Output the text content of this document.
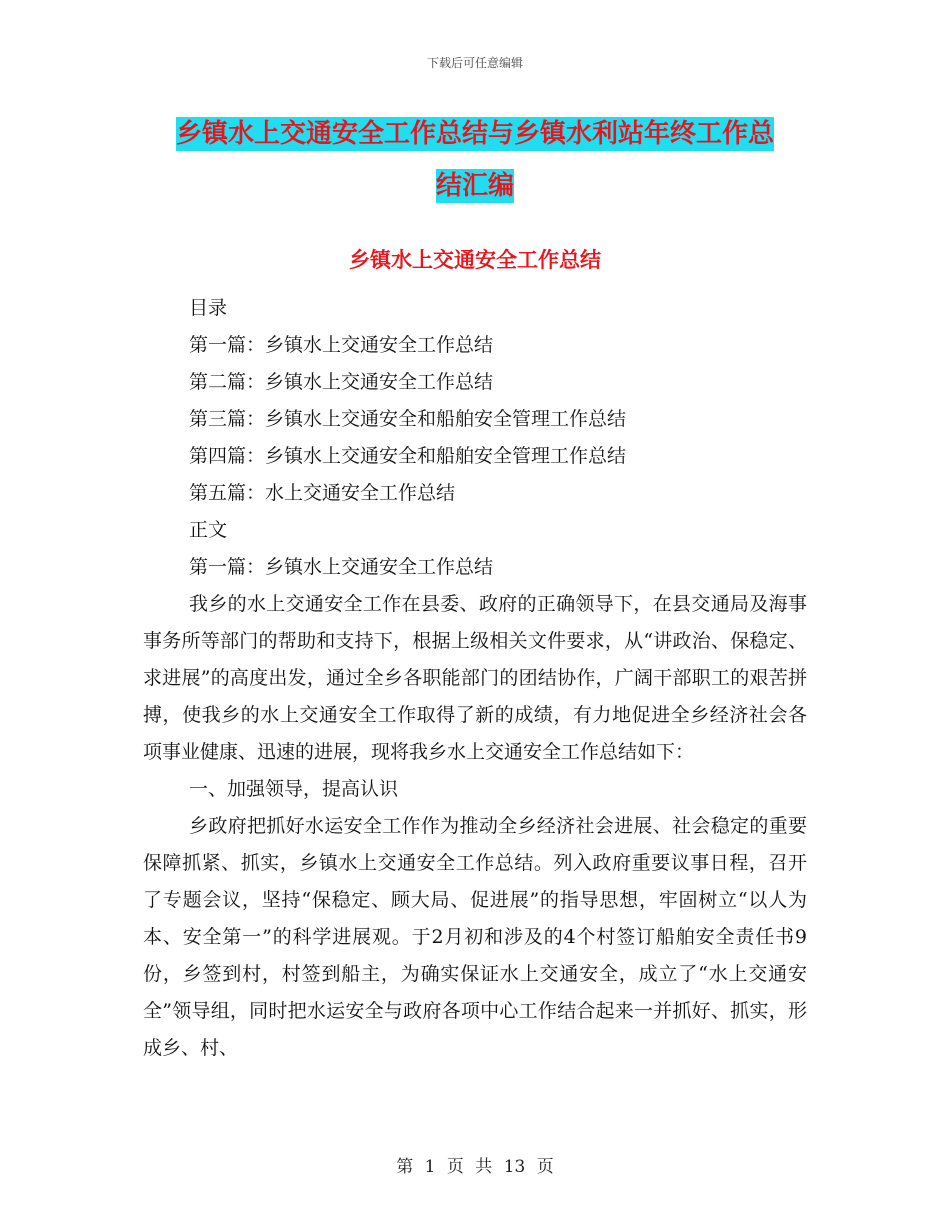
下载后可任意编辑
乡镇水上交通安全工作总结与乡镇水利站年终工作总
结汇编
乡镇水上交通安全工作总结
目录
第一篇：乡镇水上交通安全工作总结
第二篇：乡镇水上交通安全工作总结
第三篇：乡镇水上交通安全和船舶安全管理工作总结
第四篇：乡镇水上交通安全和船舶安全管理工作总结
第五篇：水上交通安全工作总结
正文
第一篇：乡镇水上交通安全工作总结

我乡的水上交通安全工作在县委、政府的正确领导下，在县交通局及海事事务所等部门的帮助和支持下，根据上级相关文件要求，从“讲政治、保稳定、求进展”的高度出发，通过全乡各职能部门的团结协作，广阔干部职工的艰苦拼搏，使我乡的水上交通安全工作取得了新的成绩，有力地促进全乡经济社会各项事业健康、迅速的进展，现将我乡水上交通安全工作总结如下：

一、加强领导，提高认识

乡政府把抓好水运安全工作作为推动全乡经济社会进展、社会稳定的重要保障抓紧、抓实，乡镇水上交通安全工作总结。列入政府重要议事日程，召开了专题会议，坚持“保稳定、顾大局、促进展”的指导思想，牢固树立“以人为本、安全第一”的科学进展观。于2月初和涉及的4个村签订船舶安全责任书9份，乡签到村，村签到船主，为确实保证水上交通安全，成立了“水上交通安全”领导组，同时把水运安全与政府各项中心工作结合起来一并抓好、抓实，形成乡、村、

第 1 页 共 13 页
